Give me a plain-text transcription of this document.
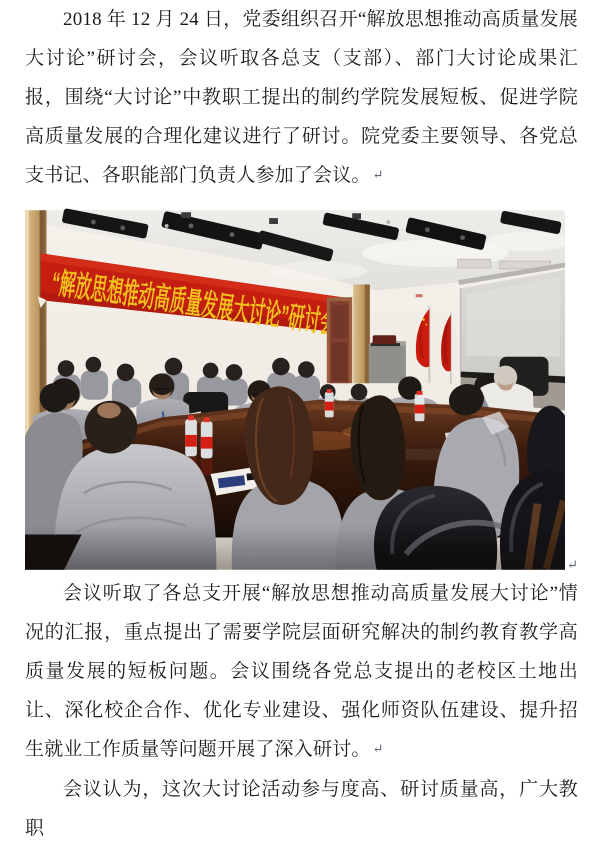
2018 年 12 月 24 日，党委组织召开“解放思想推动高质量发展大讨论”研讨会，会议听取各总支（支部）、部门大讨论成果汇报，围绕“大讨论”中教职工提出的制约学院发展短板、促进学院高质量发展的合理化建议进行了研讨。院党委主要领导、各党总支书记、各职能部门负责人参加了会议。 ↵

“解放思想推动高质量发展大讨论”研讨会
↵

会议听取了各总支开展“解放思想推动高质量发展大讨论”情况的汇报，重点提出了需要学院层面研究解决的制约教育教学高质量发展的短板问题。会议围绕各党总支提出的老校区土地出让、深化校企合作、优化专业建设、强化师资队伍建设、提升招生就业工作质量等问题开展了深入研讨。 ↵

会议认为，这次大讨论活动参与度高、研讨质量高，广大教职
